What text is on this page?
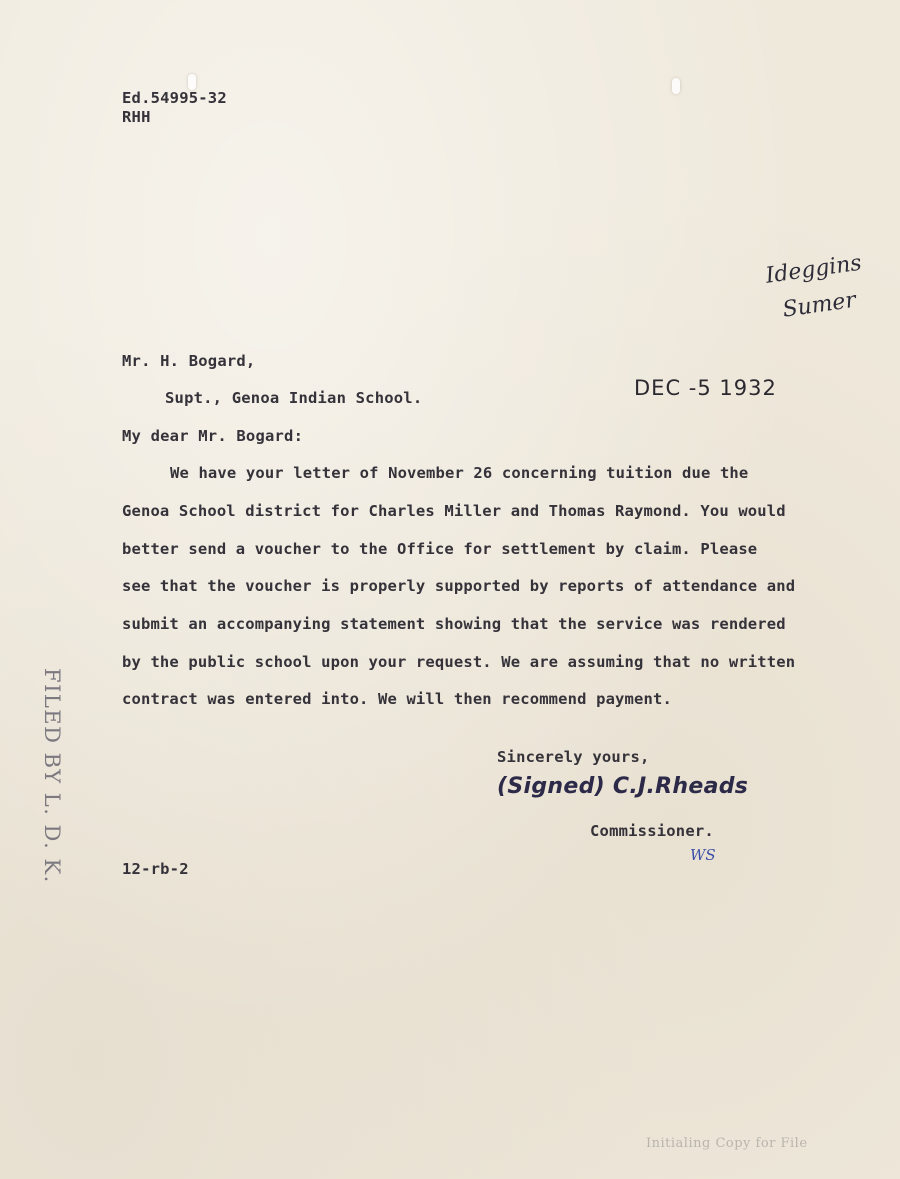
Ed.54995-32
RHH
Ideggins
Sumer
Mr. H. Bogard,
Supt., Genoa Indian School.	DEC -5 1932
My dear Mr. Bogard:
We have your letter of November 26 concerning tuition due the
Genoa School district for Charles Miller and Thomas Raymond. You would
better send a voucher to the Office for settlement by claim. Please
see that the voucher is properly supported by reports of attendance and
submit an accompanying statement showing that the service was rendered
by the public school upon your request. We are assuming that no written
contract was entered into. We will then recommend payment.
Sincerely yours,
(Signed) C.J.Rheads
Commissioner.
WS
12-rb-2
FILED BY L. D. K.
Initialing Copy for File
